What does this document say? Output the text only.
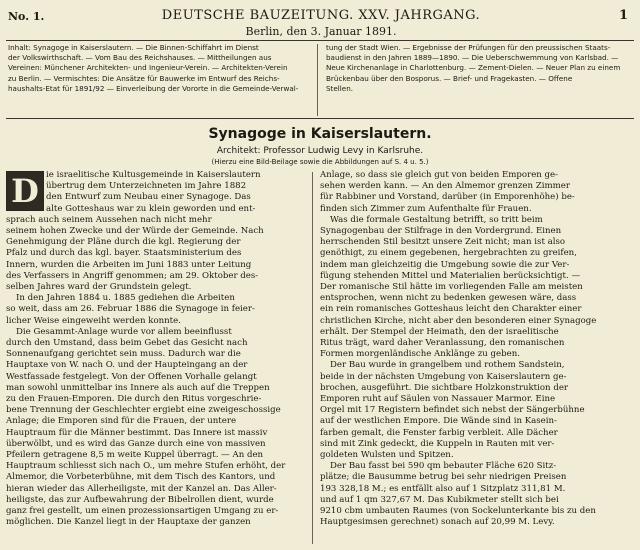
No. 1.	DEUTSCHE BAUZEITUNG. XXV. JAHRGANG.
Berlin, den 3. Januar 1891.
1
Inhalt: Synagoge in Kaiserslautern. — Die Binnen-Schiffahrt im Dienst
der Volkswirthschaft. — Vom Bau des Reichshauses. — Mittheilungen aus
Vereinen: Münchener Architekten- und Ingenieur-Verein. — Architekten-Verein
zu Berlin. — Vermischtes: Die Ansätze für Bauwerke im Entwurf des Reichs-
haushalts-Etat für 1891/92 — Einverleibung der Vororte in die Gemeinde-Verwal-
tung der Stadt Wien. — Ergebnisse der Prüfungen für den preussischen Staats-
baudienst in den Jahren 1889—1890. — Die Ueberschwemmung von Karlsbad. —
Neue Kirchenanlage in Charlottenburg. — Zement-Dielen. — Neuer Plan zu einem
Brückenbau über den Bosporus. — Brief- und Fragekasten. — Offene
Stellen.
Synagoge in Kaiserslautern.
Architekt: Professor Ludwig Levy in Karlsruhe.
(Hierzu eine Bild-Beilage sowie die Abbildungen auf S. 4 u. 5.)
D ie israelitische Kultusgemeinde in Kaiserslautern
übertrug dem Unterzeichneten im Jahre 1882
den Entwurf zum Neubau einer Synagoge. Das
alte Gotteshaus war zu klein geworden und ent-
sprach auch seinem Aussehen nach nicht mehr
seinem hohen Zwecke und der Würde der Gemeinde. Nach
Genehmigung der Pläne durch die kgl. Regierung der
Pfalz und durch das kgl. bayer. Staatsministerium des
Innern, wurden die Arbeiten im Juni 1883 unter Leitung
des Verfassers in Angriff genommen; am 29. Oktober des-
selben Jahres ward der Grundstein gelegt.
In den Jahren 1884 u. 1885 gediehen die Arbeiten
so weit, dass am 26. Februar 1886 die Synagoge in feier-
licher Weise eingeweiht werden konnte.
Die Gesammt-Anlage wurde vor allem beeinflusst
durch den Umstand, dass beim Gebet das Gesicht nach
Sonnenaufgang gerichtet sein muss. Dadurch war die
Hauptaxe von W. nach O. und der Haupteingang an der
Westfassade festgelegt. Von der Offenen Vorhalle gelangt
man sowohl unmittelbar ins Innere als auch auf die Treppen
zu den Frauen-Emporen. Die durch den Ritus vorgeschrie-
bene Trennung der Geschlechter ergiebt eine zweigeschossige
Anlage; die Emporen sind für die Frauen, der untere
Hauptraum für die Männer bestimmt. Das Innere ist massiv
überwölbt, und es wird das Ganze durch eine von massiven
Pfeilern getragene 8,5 m weite Kuppel überragt. — An den
Hauptraum schliesst sich nach O., um mehre Stufen erhöht, der
Almemor, die Vorbeterbühne, mit dem Tisch des Kantors, und
hieran wieder das Allerheiligste, mit der Kanzel an. Das Aller-
heiligste, das zur Aufbewahrung der Bibelrollen dient, wurde
ganz frei gestellt, um einen prozessionsartigen Umgang zu er-
möglichen. Die Kanzel liegt in der Hauptaxe der ganzen
Anlage, so dass sie gleich gut von beiden Emporen ge-
sehen werden kann. — An den Almemor grenzen Zimmer
für Rabbiner und Vorstand, darüber (in Emporenhöhe) be-
finden sich Zimmer zum Aufenthalte für Frauen.
Was die formale Gestaltung betrifft, so tritt beim
Synagogenbau der Stilfrage in den Vordergrund. Einen
herrschenden Stil besitzt unsere Zeit nicht; man ist also
genöthigt, zu einem gegebenen, hergebrachten zu greifen,
indem man gleichzeitig die Umgebung sowie die zur Ver-
fügung stehenden Mittel und Materialien berücksichtigt. —
Der romanische Stil hätte im vorliegenden Falle am meisten
entsprochen, wenn nicht zu bedenken gewesen wäre, dass
ein rein romanisches Gotteshaus leicht den Charakter einer
christlichen Kirche, nicht aber den besonderen einer Synagoge
erhält. Der Stempel der Heimath, den der israelitische
Ritus trägt, ward daher Veranlassung, den romanischen
Formen morgenländische Anklänge zu geben.
Der Bau wurde in grangelbem und rothem Sandstein,
beide in der nächsten Umgebung von Kaiserslautern ge-
brochen, ausgeführt. Die sichtbare Holzkonstruktion der
Emporen ruht auf Säulen von Nassauer Marmor. Eine
Orgel mit 17 Registern befindet sich nebst der Sängerbühne
auf der westlichen Empore. Die Wände sind in Kasein-
farben gemalt, die Fenster farbig verbleit. Alle Dächer
sind mit Zink gedeckt, die Kuppeln in Rauten mit ver-
goldeten Wulsten und Spitzen.
Der Bau fasst bei 590 qm bebauter Fläche 620 Sitz-
plätze; die Bausumme betrug bei sehr niedrigen Preisen
193 328,18 M.; es entfällt also auf 1 Sitzplatz 311,81 M.
und auf 1 qm 327,67 M. Das Kubikmeter stellt sich bei
9210 cbm umbauten Raumes (von Sockelunterkante bis zu den
Hauptgesimsen gerechnet) sonach auf 20,99 M. Levy.
